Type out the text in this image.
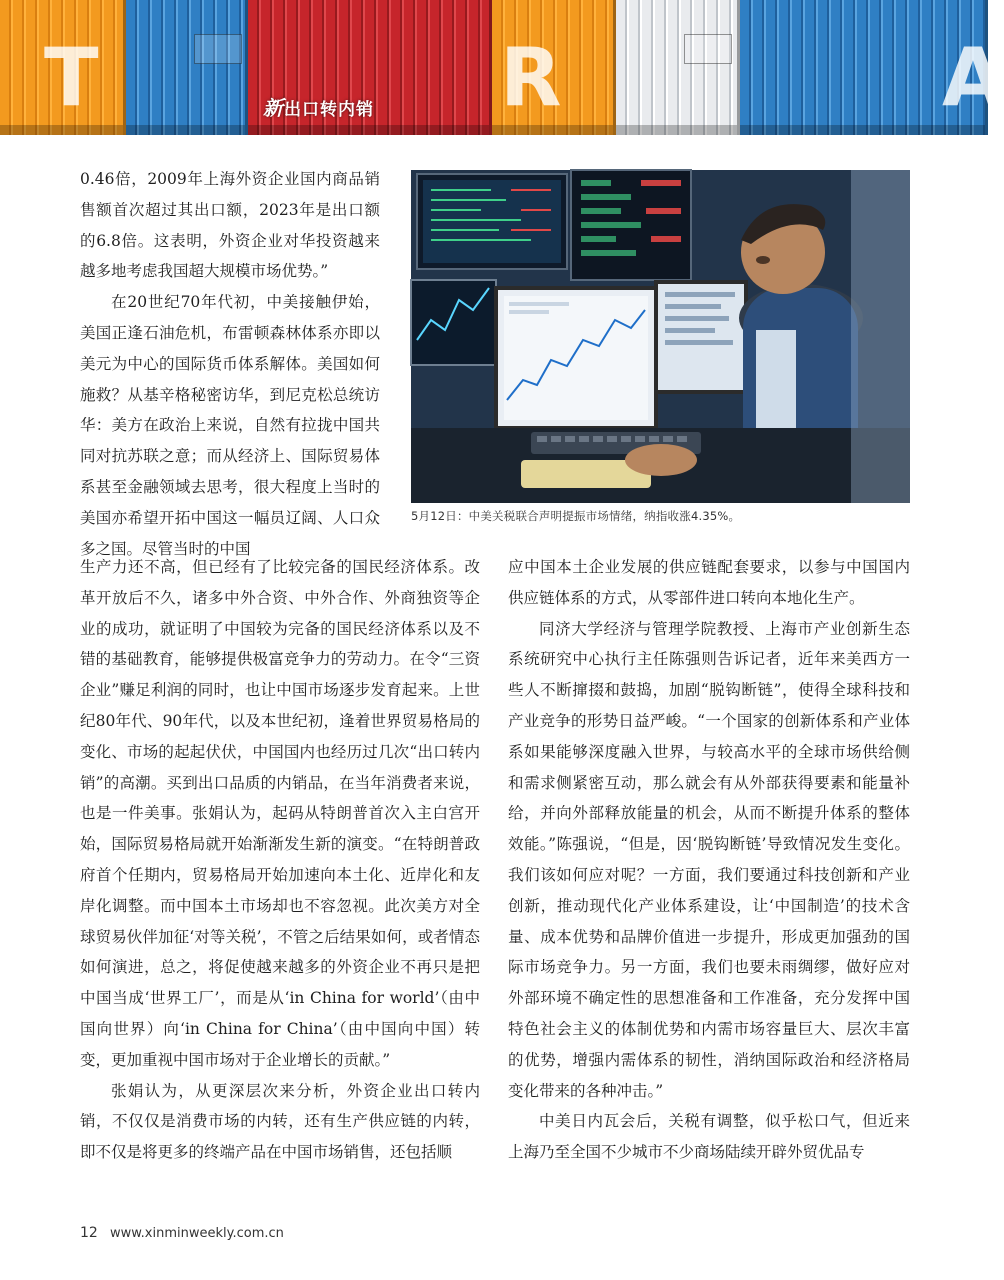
T	R	A
新出口转内销

0.46倍，2009年上海外资企业国内商品销售额首次超过其出口额，2023年是出口额的6.8倍。这表明，外资企业对华投资越来越多地考虑我国超大规模市场优势。”

在20世纪70年代初，中美接触伊始，美国正逢石油危机，布雷顿森林体系亦即以美元为中心的国际货币体系解体。美国如何施救？从基辛格秘密访华，到尼克松总统访华：美方在政治上来说，自然有拉拢中国共同对抗苏联之意；而从经济上、国际贸易体系甚至金融领域去思考，很大程度上当时的美国亦希望开拓中国这一幅员辽阔、人口众多之国。尽管当时的中国

5月12日：中美关税联合声明提振市场情绪，纳指收涨4.35%。

生产力还不高，但已经有了比较完备的国民经济体系。改革开放后不久，诸多中外合资、中外合作、外商独资等企业的成功，就证明了中国较为完备的国民经济体系以及不错的基础教育，能够提供极富竞争力的劳动力。在令“三资企业”赚足利润的同时，也让中国市场逐步发育起来。上世纪80年代、90年代，以及本世纪初，逢着世界贸易格局的变化、市场的起起伏伏，中国国内也经历过几次“出口转内销”的高潮。买到出口品质的内销品，在当年消费者来说，也是一件美事。张娟认为，起码从特朗普首次入主白宫开始，国际贸易格局就开始渐渐发生新的演变。“在特朗普政府首个任期内，贸易格局开始加速向本土化、近岸化和友岸化调整。而中国本土市场却也不容忽视。此次美方对全球贸易伙伴加征‘对等关税’，不管之后结果如何，或者情态如何演进，总之，将促使越来越多的外资企业不再只是把中国当成‘世界工厂’，而是从‘in China for world’（由中国向世界）向‘in China for China’（由中国向中国）转变，更加重视中国市场对于企业增长的贡献。”

张娟认为，从更深层次来分析，外资企业出口转内销，不仅仅是消费市场的内转，还有生产供应链的内转，即不仅是将更多的终端产品在中国市场销售，还包括顺

应中国本土企业发展的供应链配套要求，以参与中国国内供应链体系的方式，从零部件进口转向本地化生产。

同济大学经济与管理学院教授、上海市产业创新生态系统研究中心执行主任陈强则告诉记者，近年来美西方一些人不断撺掇和鼓捣，加剧“脱钩断链”，使得全球科技和产业竞争的形势日益严峻。“一个国家的创新体系和产业体系如果能够深度融入世界，与较高水平的全球市场供给侧和需求侧紧密互动，那么就会有从外部获得要素和能量补给，并向外部释放能量的机会，从而不断提升体系的整体效能。”陈强说，“但是，因‘脱钩断链’导致情况发生变化。我们该如何应对呢？一方面，我们要通过科技创新和产业创新，推动现代化产业体系建设，让‘中国制造’的技术含量、成本优势和品牌价值进一步提升，形成更加强劲的国际市场竞争力。另一方面，我们也要未雨绸缪，做好应对外部环境不确定性的思想准备和工作准备，充分发挥中国特色社会主义的体制优势和内需市场容量巨大、层次丰富的优势，增强内需体系的韧性，消纳国际政治和经济格局变化带来的各种冲击。”

中美日内瓦会后，关税有调整，似乎松口气，但近来上海乃至全国不少城市不少商场陆续开辟外贸优品专

12 www.xinminweekly.com.cn
